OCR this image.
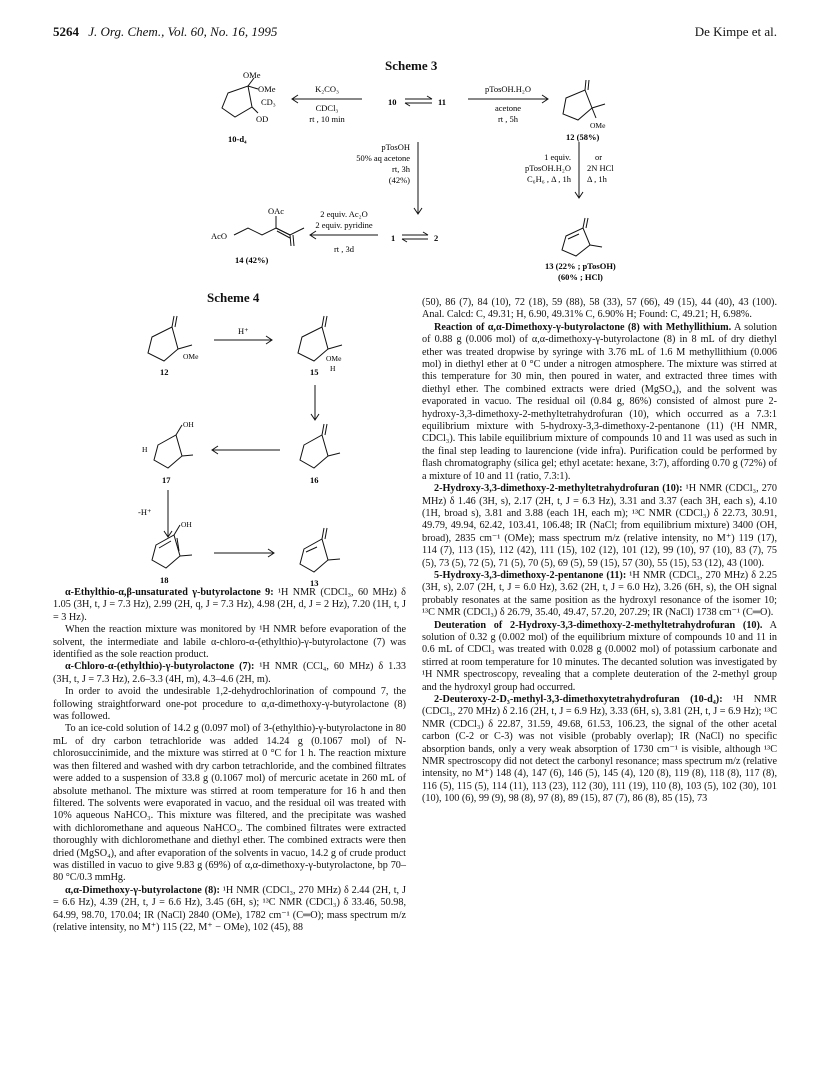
5264 J. Org. Chem., Vol. 60, No. 16, 1995	De Kimpe et al.
Scheme 3
OMe
OMe
CD₃
OD
10-d₄
K₂CO₃
CDCl₃
rt , 10 min
10	11
pTosOH.H₂O
acetone
rt , 5h
OMe
12 (58%)
pTosOH
50% aq acetone
rt, 3h
(42%)
1 equiv.
pTosOH.H₂O
C₆H₆ , Δ , 1h
or
2N HCl
Δ , 1h
OAc
AcO
14 (42%)
2 equiv. Ac₂O
2 equiv. pyridine
rt , 3d
1	2
13 (22% ; pTosOH)
(60% ; HCl)
Scheme 4
OMe
12
H⁺
OMe
H
15
16
OH
H
17
-H⁺
OH
18	13

α-Ethylthio-α,β-unsaturated γ-butyrolactone 9: ¹H NMR (CDCl₃, 60 MHz) δ 1.05 (3H, t, J = 7.3 Hz), 2.99 (2H, q, J = 7.3 Hz), 4.98 (2H, d, J = 2 Hz), 7.20 (1H, t, J = 3 Hz).

When the reaction mixture was monitored by ¹H NMR before evaporation of the solvent, the intermediate and labile α-chloro-α-(ethylthio)-γ-butyrolactone (7) was identified as the sole reaction product.

α-Chloro-α-(ethylthio)-γ-butyrolactone (7): ¹H NMR (CCl₄, 60 MHz) δ 1.33 (3H, t, J = 7.3 Hz), 2.6–3.3 (4H, m), 4.3–4.6 (2H, m).

In order to avoid the undesirable 1,2-dehydrochlorination of compound 7, the following straightforward one-pot procedure to α,α-dimethoxy-γ-butyrolactone (8) was followed.

To an ice-cold solution of 14.2 g (0.097 mol) of 3-(ethylthio)-γ-butyrolactone in 80 mL of dry carbon tetrachloride was added 14.24 g (0.1067 mol) of N-chlorosuccinimide, and the mixture was stirred at 0 °C for 1 h. The reaction mixture was then filtered and washed with dry carbon tetrachloride, and the combined filtrates were added to a suspension of 33.8 g (0.1067 mol) of mercuric acetate in 260 mL of absolute methanol. The mixture was stirred at room temperature for 16 h and then filtered. The solvents were evaporated in vacuo, and the residual oil was treated with 10% aqueous NaHCO₃. This mixture was filtered, and the precipitate was washed with dichloromethane and aqueous NaHCO₃. The combined filtrates were extracted thoroughly with dichloromethane and diethyl ether. The combined extracts were then dried (MgSO₄), and after evaporation of the solvents in vacuo, 14.2 g of crude product was distilled in vacuo to give 9.83 g (69%) of α,α-dimethoxy-γ-butyrolactone, bp 70–80 °C/0.3 mmHg.

α,α-Dimethoxy-γ-butyrolactone (8): ¹H NMR (CDCl₃, 270 MHz) δ 2.44 (2H, t, J = 6.6 Hz), 4.39 (2H, t, J = 6.6 Hz), 3.45 (6H, s); ¹³C NMR (CDCl₃) δ 33.46, 50.98, 64.99, 98.70, 170.04; IR (NaCl) 2840 (OMe), 1782 cm⁻¹ (C═O); mass spectrum m/z (relative intensity, no M⁺) 115 (22, M⁺ − OMe), 102 (45), 88

(50), 86 (7), 84 (10), 72 (18), 59 (88), 58 (33), 57 (66), 49 (15), 44 (40), 43 (100). Anal. Calcd: C, 49.31; H, 6.90, 49.31% C, 6.90% H; Found: C, 49.21; H, 6.98%.

Reaction of α,α-Dimethoxy-γ-butyrolactone (8) with Methyllithium. A solution of 0.88 g (0.006 mol) of α,α-dimethoxy-γ-butyrolactone (8) in 8 mL of dry diethyl ether was treated dropwise by syringe with 3.76 mL of 1.6 M methyllithium (0.006 mol) in diethyl ether at 0 °C under a nitrogen atmosphere. The mixture was stirred at this temperature for 30 min, then poured in water, and extracted three times with diethyl ether. The combined extracts were dried (MgSO₄), and the solvent was evaporated in vacuo. The residual oil (0.84 g, 86%) consisted of almost pure 2-hydroxy-3,3-dimethoxy-2-methyltetrahydrofuran (10), which occurred as a 7.3:1 equilibrium mixture with 5-hydroxy-3,3-dimethoxy-2-pentanone (11) (¹H NMR, CDCl₃). This labile equilibrium mixture of compounds 10 and 11 was used as such in the final step leading to laurencione (vide infra). Purification could be performed by flash chromatography (silica gel; ethyl acetate: hexane, 3:7), affording 0.70 g (72%) of a mixture of 10 and 11 (ratio, 7.3:1).

2-Hydroxy-3,3-dimethoxy-2-methyltetrahydrofuran (10): ¹H NMR (CDCl₃, 270 MHz) δ 1.46 (3H, s), 2.17 (2H, t, J = 6.3 Hz), 3.31 and 3.37 (each 3H, each s), 4.10 (1H, broad s), 3.81 and 3.88 (each 1H, each m); ¹³C NMR (CDCl₃) δ 22.73, 30.91, 49.79, 49.94, 62.42, 103.41, 106.48; IR (NaCl; from equilibrium mixture) 3400 (OH, broad), 2835 cm⁻¹ (OMe); mass spectrum m/z (relative intensity, no M⁺) 119 (17), 114 (7), 113 (15), 112 (42), 111 (15), 102 (12), 101 (12), 99 (10), 97 (10), 83 (7), 75 (5), 73 (5), 72 (5), 71 (5), 70 (5), 69 (5), 59 (15), 57 (30), 55 (15), 53 (12), 43 (100).

5-Hydroxy-3,3-dimethoxy-2-pentanone (11): ¹H NMR (CDCl₃, 270 MHz) δ 2.25 (3H, s), 2.07 (2H, t, J = 6.0 Hz), 3.62 (2H, t, J = 6.0 Hz), 3.26 (6H, s), the OH signal probably resonates at the same position as the hydroxyl resonance of the isomer 10; ¹³C NMR (CDCl₃) δ 26.79, 35.40, 49.47, 57.20, 207.29; IR (NaCl) 1738 cm⁻¹ (C═O).

Deuteration of 2-Hydroxy-3,3-dimethoxy-2-methyltetrahydrofuran (10). A solution of 0.32 g (0.002 mol) of the equilibrium mixture of compounds 10 and 11 in 0.6 mL of CDCl₃ was treated with 0.028 g (0.0002 mol) of potassium carbonate and stirred at room temperature for 10 minutes. The decanted solution was investigated by ¹H NMR spectroscopy, revealing that a complete deuteration of the 2-methyl group and the hydroxyl group had occurred.

2-Deuteroxy-2-D₃-methyl-3,3-dimethoxytetrahydrofuran (10-d₄): ¹H NMR (CDCl₃, 270 MHz) δ 2.16 (2H, t, J = 6.9 Hz), 3.33 (6H, s), 3.81 (2H, t, J = 6.9 Hz); ¹³C NMR (CDCl₃) δ 22.87, 31.59, 49.68, 61.53, 106.23, the signal of the other acetal carbon (C-2 or C-3) was not visible (probably overlap); IR (NaCl) no specific absorption bands, only a very weak absorption of 1730 cm⁻¹ is visible, although ¹³C NMR spectroscopy did not detect the carbonyl resonance; mass spectrum m/z (relative intensity, no M⁺) 148 (4), 147 (6), 146 (5), 145 (4), 120 (8), 119 (8), 118 (8), 117 (8), 116 (5), 115 (5), 114 (11), 113 (23), 112 (30), 111 (19), 110 (8), 103 (5), 102 (30), 101 (10), 100 (6), 99 (9), 98 (8), 97 (8), 89 (15), 87 (7), 86 (8), 85 (15), 73
